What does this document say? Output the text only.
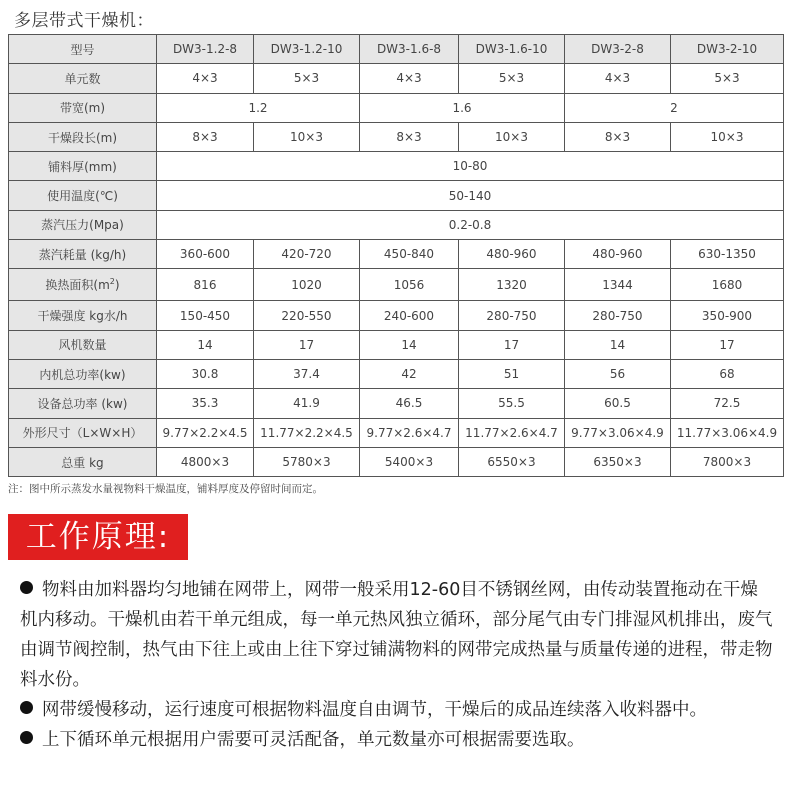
多层带式干燥机：
型号	DW3-1.2-8	DW3-1.2-10	DW3-1.6-8	DW3-1.6-10	DW3-2-8	DW3-2-10
单元数	4×3	5×3	4×3	5×3	4×3	5×3
带宽(m)	1.2		1.6		2	
干燥段长(m)	8×3	10×3	8×3	10×3	8×3	10×3
铺料厚(mm)	10-80					
使用温度(℃)	50-140					
蒸汽压力(Mpa)	0.2-0.8					
蒸汽耗量 (kg/h)	360-600	420-720	450-840	480-960	480-960	630-1350
换热面积$(m^2)$	816	1020	1056	1320	1344	1680
干燥强度 kg水/h	150-450	220-550	240-600	280-750	280-750	350-900
风机数量	14	17	14	17	14	17
内机总功率(kw)	30.8	37.4	42	51	56	68
设备总功率 (kw)	35.3	41.9	46.5	55.5	60.5	72.5
外形尺寸（L×W×H）	9.77×2.2×4.5	11.77×2.2×4.5	9.77×2.6×4.7	11.77×2.6×4.7	9.77×3.06×4.9	11.77×3.06×4.9
总重 kg	4800×3	5780×3	5400×3	6550×3	6350×3	7800×3
注：图中所示蒸发水量视物料干燥温度，铺料厚度及停留时间而定。
工作原理:

物料由加料器均匀地铺在网带上，网带一般采用12-60目不锈钢丝网，由传动装置拖动在干燥机内移动。干燥机由若干单元组成，每一单元热风独立循环，部分尾气由专门排湿风机排出，废气由调节阀控制，热气由下往上或由上往下穿过铺满物料的网带完成热量与质量传递的进程，带走物料水份。

网带缓慢移动，运行速度可根据物料温度自由调节，干燥后的成品连续落入收料器中。

上下循环单元根据用户需要可灵活配备，单元数量亦可根据需要选取。
